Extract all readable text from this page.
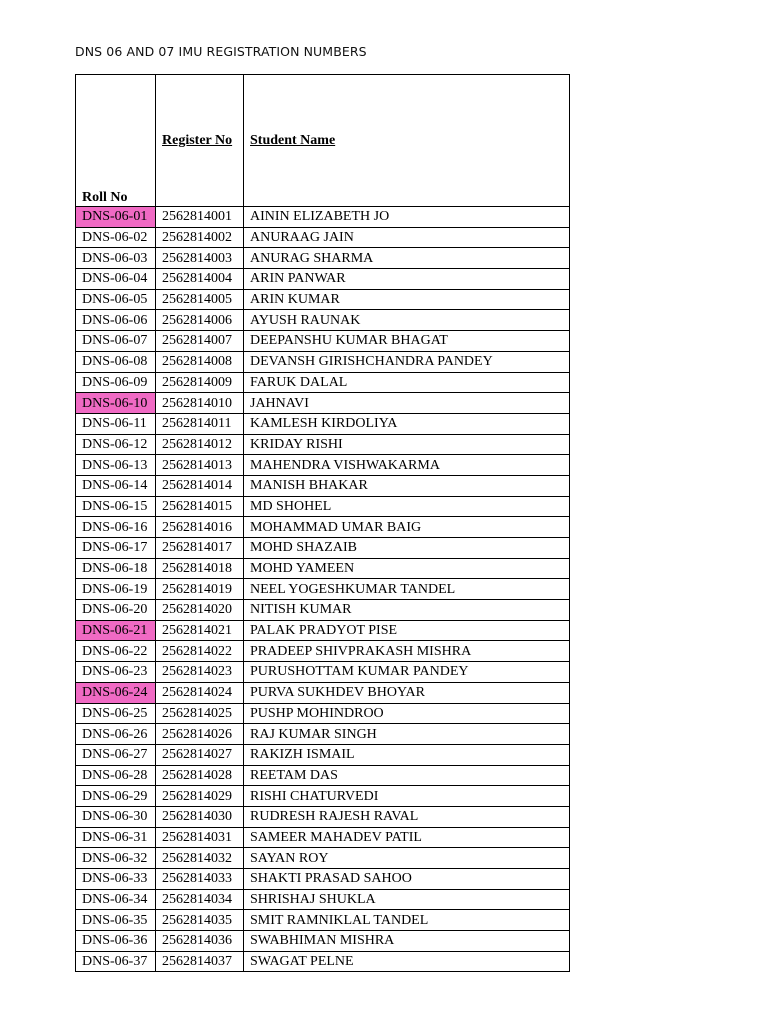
DNS 06 AND 07 IMU REGISTRATION NUMBERS
Roll No	Register No	Student Name
DNS-06-01	2562814001	AININ ELIZABETH JO
DNS-06-02	2562814002	ANURAAG JAIN
DNS-06-03	2562814003	ANURAG SHARMA
DNS-06-04	2562814004	ARIN PANWAR
DNS-06-05	2562814005	ARIN KUMAR
DNS-06-06	2562814006	AYUSH RAUNAK
DNS-06-07	2562814007	DEEPANSHU KUMAR BHAGAT
DNS-06-08	2562814008	DEVANSH GIRISHCHANDRA PANDEY
DNS-06-09	2562814009	FARUK DALAL
DNS-06-10	2562814010	JAHNAVI
DNS-06-11	2562814011	KAMLESH KIRDOLIYA
DNS-06-12	2562814012	KRIDAY RISHI
DNS-06-13	2562814013	MAHENDRA VISHWAKARMA
DNS-06-14	2562814014	MANISH BHAKAR
DNS-06-15	2562814015	MD SHOHEL
DNS-06-16	2562814016	MOHAMMAD UMAR BAIG
DNS-06-17	2562814017	MOHD SHAZAIB
DNS-06-18	2562814018	MOHD YAMEEN
DNS-06-19	2562814019	NEEL YOGESHKUMAR TANDEL
DNS-06-20	2562814020	NITISH KUMAR
DNS-06-21	2562814021	PALAK PRADYOT PISE
DNS-06-22	2562814022	PRADEEP SHIVPRAKASH MISHRA
DNS-06-23	2562814023	PURUSHOTTAM KUMAR PANDEY
DNS-06-24	2562814024	PURVA SUKHDEV BHOYAR
DNS-06-25	2562814025	PUSHP MOHINDROO
DNS-06-26	2562814026	RAJ KUMAR SINGH
DNS-06-27	2562814027	RAKIZH ISMAIL
DNS-06-28	2562814028	REETAM DAS
DNS-06-29	2562814029	RISHI CHATURVEDI
DNS-06-30	2562814030	RUDRESH RAJESH RAVAL
DNS-06-31	2562814031	SAMEER MAHADEV PATIL
DNS-06-32	2562814032	SAYAN ROY
DNS-06-33	2562814033	SHAKTI PRASAD SAHOO
DNS-06-34	2562814034	SHRISHAJ SHUKLA
DNS-06-35	2562814035	SMIT RAMNIKLAL TANDEL
DNS-06-36	2562814036	SWABHIMAN MISHRA
DNS-06-37	2562814037	SWAGAT PELNE
